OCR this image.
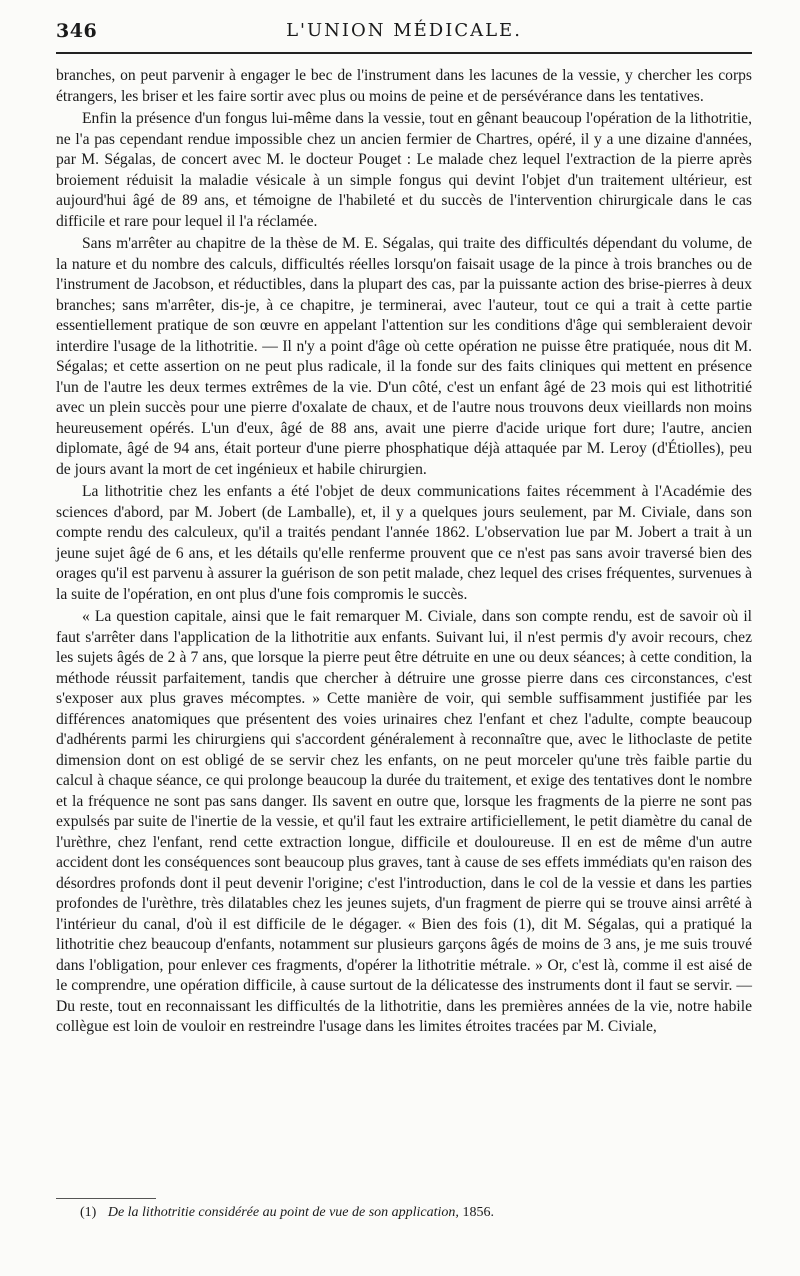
346	L'UNION MÉDICALE.

branches, on peut parvenir à engager le bec de l'instrument dans les lacunes de la vessie, y chercher les corps étrangers, les briser et les faire sortir avec plus ou moins de peine et de persévérance dans les tentatives.

Enfin la présence d'un fongus lui-même dans la vessie, tout en gênant beaucoup l'opération de la lithotritie, ne l'a pas cependant rendue impossible chez un ancien fermier de Chartres, opéré, il y a une dizaine d'années, par M. Ségalas, de concert avec M. le docteur Pouget : Le malade chez lequel l'extraction de la pierre après broiement réduisit la maladie vésicale à un simple fongus qui devint l'objet d'un traitement ultérieur, est aujourd'hui âgé de 89 ans, et témoigne de l'habileté et du succès de l'intervention chirurgicale dans le cas difficile et rare pour lequel il l'a réclamée.

Sans m'arrêter au chapitre de la thèse de M. E. Ségalas, qui traite des difficultés dépendant du volume, de la nature et du nombre des calculs, difficultés réelles lorsqu'on faisait usage de la pince à trois branches ou de l'instrument de Jacobson, et réductibles, dans la plupart des cas, par la puissante action des brise-pierres à deux branches; sans m'arrêter, dis-je, à ce chapitre, je terminerai, avec l'auteur, tout ce qui a trait à cette partie essentiellement pratique de son œuvre en appelant l'attention sur les conditions d'âge qui sembleraient devoir interdire l'usage de la lithotritie. — Il n'y a point d'âge où cette opération ne puisse être pratiquée, nous dit M. Ségalas; et cette assertion on ne peut plus radicale, il la fonde sur des faits cliniques qui mettent en présence l'un de l'autre les deux termes extrêmes de la vie. D'un côté, c'est un enfant âgé de 23 mois qui est lithotritié avec un plein succès pour une pierre d'oxalate de chaux, et de l'autre nous trouvons deux vieillards non moins heureusement opérés. L'un d'eux, âgé de 88 ans, avait une pierre d'acide urique fort dure; l'autre, ancien diplomate, âgé de 94 ans, était porteur d'une pierre phosphatique déjà attaquée par M. Leroy (d'Étiolles), peu de jours avant la mort de cet ingénieux et habile chirurgien.

La lithotritie chez les enfants a été l'objet de deux communications faites récemment à l'Académie des sciences d'abord, par M. Jobert (de Lamballe), et, il y a quelques jours seulement, par M. Civiale, dans son compte rendu des calculeux, qu'il a traités pendant l'année 1862. L'observation lue par M. Jobert a trait à un jeune sujet âgé de 6 ans, et les détails qu'elle renferme prouvent que ce n'est pas sans avoir traversé bien des orages qu'il est parvenu à assurer la guérison de son petit malade, chez lequel des crises fréquentes, survenues à la suite de l'opération, en ont plus d'une fois compromis le succès.

« La question capitale, ainsi que le fait remarquer M. Civiale, dans son compte rendu, est de savoir où il faut s'arrêter dans l'application de la lithotritie aux enfants. Suivant lui, il n'est permis d'y avoir recours, chez les sujets âgés de 2 à 7 ans, que lorsque la pierre peut être détruite en une ou deux séances; à cette condition, la méthode réussit parfaitement, tandis que chercher à détruire une grosse pierre dans ces circonstances, c'est s'exposer aux plus graves mécomptes. » Cette manière de voir, qui semble suffisamment justifiée par les différences anatomiques que présentent des voies urinaires chez l'enfant et chez l'adulte, compte beaucoup d'adhérents parmi les chirurgiens qui s'accordent généralement à reconnaître que, avec le lithoclaste de petite dimension dont on est obligé de se servir chez les enfants, on ne peut morceler qu'une très faible partie du calcul à chaque séance, ce qui prolonge beaucoup la durée du traitement, et exige des tentatives dont le nombre et la fréquence ne sont pas sans danger. Ils savent en outre que, lorsque les fragments de la pierre ne sont pas expulsés par suite de l'inertie de la vessie, et qu'il faut les extraire artificiellement, le petit diamètre du canal de l'urèthre, chez l'enfant, rend cette extraction longue, difficile et douloureuse. Il en est de même d'un autre accident dont les conséquences sont beaucoup plus graves, tant à cause de ses effets immédiats qu'en raison des désordres profonds dont il peut devenir l'origine; c'est l'introduction, dans le col de la vessie et dans les parties profondes de l'urèthre, très dilatables chez les jeunes sujets, d'un fragment de pierre qui se trouve ainsi arrêté à l'intérieur du canal, d'où il est difficile de le dégager. « Bien des fois (1), dit M. Ségalas, qui a pratiqué la lithotritie chez beaucoup d'enfants, notamment sur plusieurs garçons âgés de moins de 3 ans, je me suis trouvé dans l'obligation, pour enlever ces fragments, d'opérer la lithotritie métrale. » Or, c'est là, comme il est aisé de le comprendre, une opération difficile, à cause surtout de la délicatesse des instruments dont il faut se servir. — Du reste, tout en reconnaissant les difficultés de la lithotritie, dans les premières années de la vie, notre habile collègue est loin de vouloir en restreindre l'usage dans les limites étroites tracées par M. Civiale,

(1) De la lithotritie considérée au point de vue de son application, 1856.
